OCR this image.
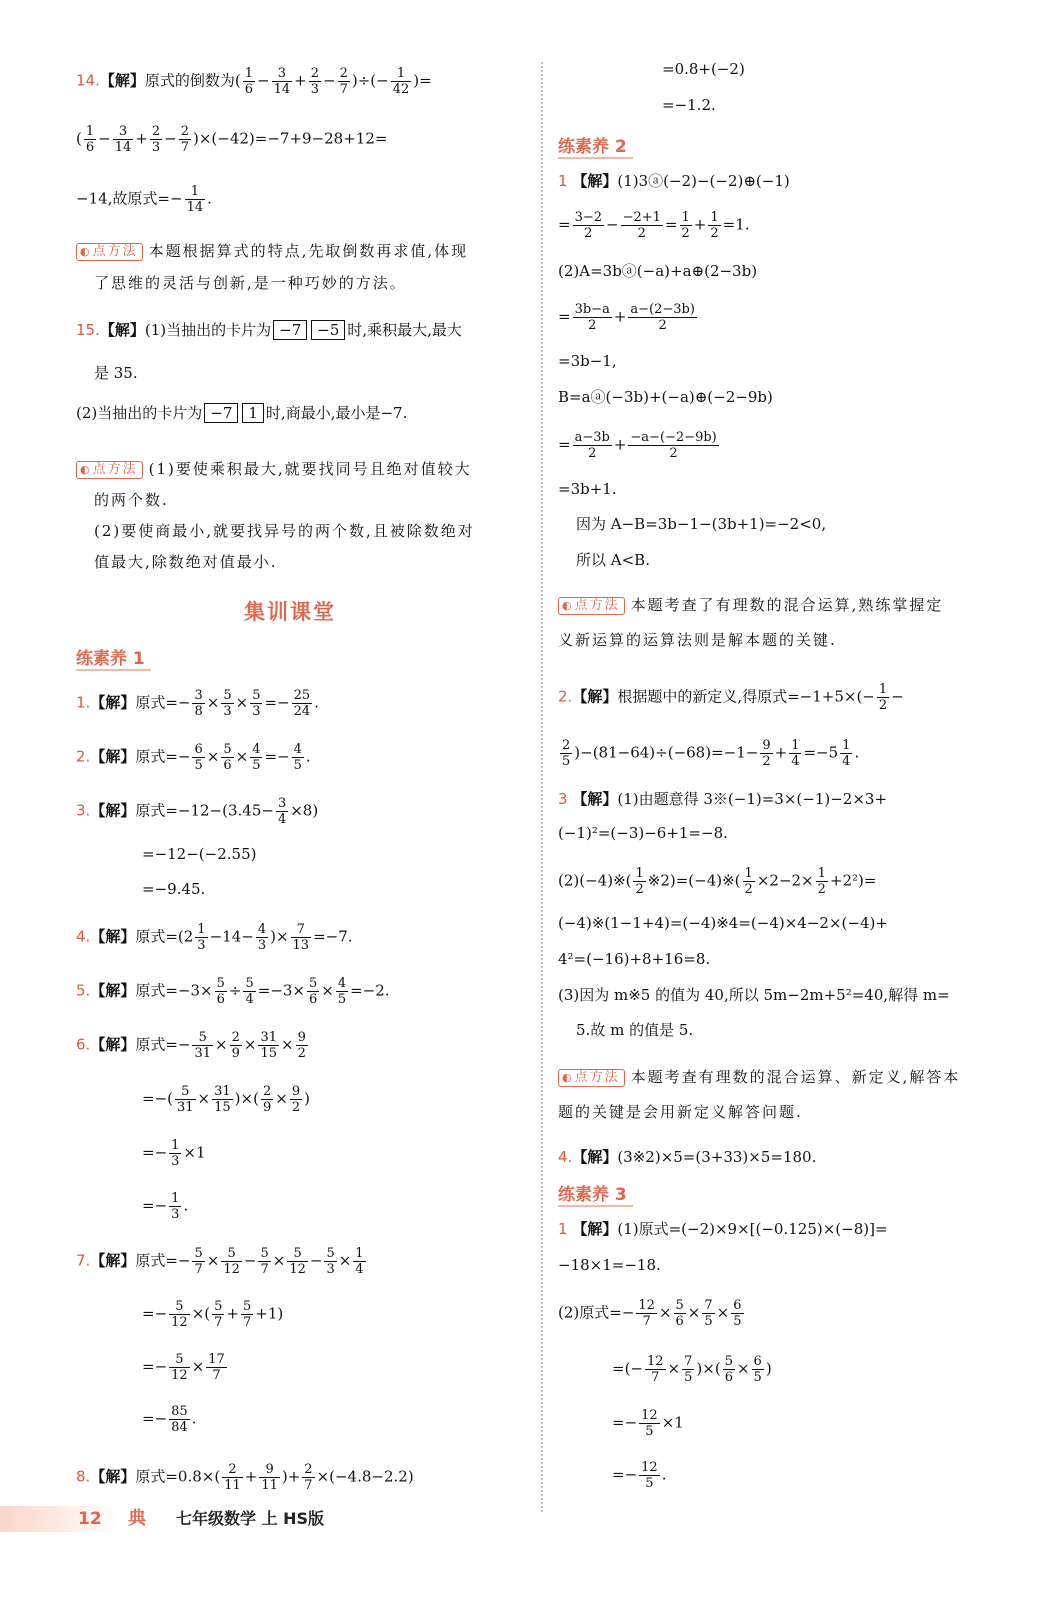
14.【解】原式的倒数为( $\frac{1}{6} - \frac{3}{14} + \frac{2}{3} - \frac{2}{7}$ )÷(− $\frac{1}{42}$ )=
( $\frac{1}{6} - \frac{3}{14} + \frac{2}{3} - \frac{2}{7} )\times(-42)=-7+9-28+12=$
−14,故原式=− $\frac{1}{14}$ .
◐点方法 本题根据算式的特点,先取倒数再求值,体现
了思维的灵活与创新,是一种巧妙的方法。
15.【解】(1)当抽出的卡片为 −7 −5 时,乘积最大,最大
是 35.
(2)当抽出的卡片为 −7 1 时,商最小,最小是−7.
◐点方法 (1)要使乘积最大,就要找同号且绝对值较大
的两个数.
(2)要使商最小,就要找异号的两个数,且被除数绝对
值最大,除数绝对值最小.
集训课堂
练素养 1
1.【解】原式=− $\frac{3}{8} \times \frac{5}{3} \times \frac{5}{3} =- \frac{25}{24}$ .
2.【解】原式=− $\frac{6}{5} \times \frac{5}{6} \times \frac{4}{5} =- \frac{4}{5}$ .
3.【解】原式$=-12-(3.45- \frac{3}{4} \times 8)$
=−12−(−2.55)
=−9.45.
4.【解】原式$=(2 \frac{1}{3} -14- \frac{4}{3}$ )× $\frac{7}{13} =-7$.
5.【解】原式$=-3\times \frac{5}{6} \div \frac{5}{4} =-3\times \frac{5}{6} \times \frac{4}{5} =-2$.
6.【解】原式=− $\frac{5}{31} \times \frac{2}{9} \times \frac{31}{15} \times \frac{9}{2}$
=−( $\frac{5}{31} \times \frac{31}{15}$ )×( $\frac{2}{9} \times \frac{9}{2}$ )
=− $\frac{1}{3} \times 1$
=− $\frac{1}{3}$ .
7.【解】原式=− $\frac{5}{7} \times \frac{5}{12} - \frac{5}{7} \times \frac{5}{12} - \frac{5}{3} \times \frac{1}{4}$
=− $\frac{5}{12}$ ×( $\frac{5}{7} + \frac{5}{7} +1$)
=− $\frac{5}{12} \times \frac{17}{7}$
=− $\frac{85}{84}$ .
8.【解】原式$=0.8\times( \frac{2}{11} + \frac{9}{11}$ )+ $\frac{2}{7} \times(-4.8-2.2)$
=0.8+(−2)
=−1.2.
练素养 2
1 【解】(1)3ⓐ(−2)−(−2)⊕(−1)
= $\frac{3-2}{2} - \frac{-2+1}{2} = \frac{1}{2} + \frac{1}{2} =1$.
(2)A=3bⓐ(−a)+a⊕(2−3b)
= $\frac{3b-a}{2} + \frac{a-(2-3b)}{2}$
=3b−1,
B=aⓐ(−3b)+(−a)⊕(−2−9b)
= $\frac{a-3b}{2} + \frac{-a-(-2-9b)}{2}$
=3b+1.
因为 A−B=3b−1−(3b+1)=−2<0,
所以 A<B.
◐点方法 本题考查了有理数的混合运算,熟练掌握定
义新运算的运算法则是解本题的关键.
2.【解】根据题中的新定义,得原式$=-1+5\times(- \frac{1}{2}$ −
$\frac{2}{5} )-(81-64)\div(-68)=-1- \frac{9}{2} + \frac{1}{4} =-5 \frac{1}{4}$ .
3 【解】(1)由题意得 3※(−1)=3×(−1)−2×3+
(−1)²=(−3)−6+1=−8.
(2)(−4)※( $\frac{1}{2}$ ※2)=(−4)※( $\frac{1}{2} \times 2-2\times \frac{1}{2} +2^2)=$
(−4)※(1−1+4)=(−4)※4=(−4)×4−2×(−4)+
4²=(−16)+8+16=8.
(3)因为 m※5 的值为 40,所以 5m−2m+5²=40,解得 m=
5.故 m 的值是 5.
◐点方法 本题考查有理数的混合运算、新定义,解答本
题的关键是会用新定义解答问题.
4.【解】(3※2)×5=(3+33)×5=180.
练素养 3
1 【解】(1)原式=(−2)×9×[(−0.125)×(−8)]=
−18×1=−18.
(2)原式=− $\frac{12}{7} \times \frac{5}{6} \times \frac{7}{5} \times \frac{6}{5}$
=(− $\frac{12}{7} \times \frac{7}{5}$ )×( $\frac{5}{6} \times \frac{6}{5}$ )
=− $\frac{12}{5} \times 1$
=− $\frac{12}{5}$ .
12	典 七年级数学 上 HS版
